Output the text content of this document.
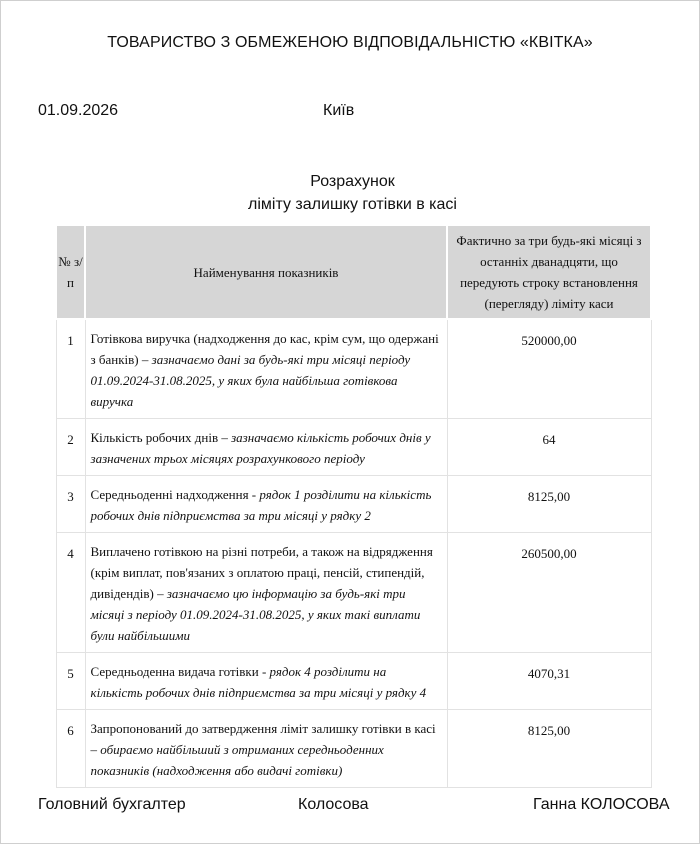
ТОВАРИСТВО З ОБМЕЖЕНОЮ ВІДПОВІДАЛЬНІСТЮ «КВІТКА»
01.09.2026	Київ
Розрахунок
ліміту залишку готівки в касі
№ з/п	Найменування показників	Фактично за три будь-які місяці з останніх дванадцяти, що передують строку встановлення (перегляду) ліміту каси
1	Готівкова виручка (надходження до кас, крім сум, що одержані з банків) – зазначаємо дані за будь-які три місяці періоду 01.09.2024-31.08.2025, у яких була найбільша готівкова виручка	520000,00
2	Кількість робочих днів – зазначаємо кількість робочих днів у зазначених трьох місяцях розрахункового періоду	64
3	Середньоденні надходження - рядок 1 розділити на кількість робочих днів підприємства за три місяці у рядку 2	8125,00
4	Виплачено готівкою на різні потреби, а також на відрядження (крім виплат, пов'язаних з оплатою праці, пенсій, стипендій, дивідендів) – зазначаємо цю інформацію за будь-які три місяці з періоду 01.09.2024-31.08.2025, у яких такі виплати були найбільшими	260500,00
5	Середньоденна видача готівки - рядок 4 розділити на кількість робочих днів підприємства за три місяці у рядку 4	4070,31
6	Запропонований до затвердження ліміт залишку готівки в касі – обираємо найбільший з отриманих середньоденних показників (надходження або видачі готівки)	8125,00
Головний бухгалтер	Колосова	Ганна КОЛОСОВА
